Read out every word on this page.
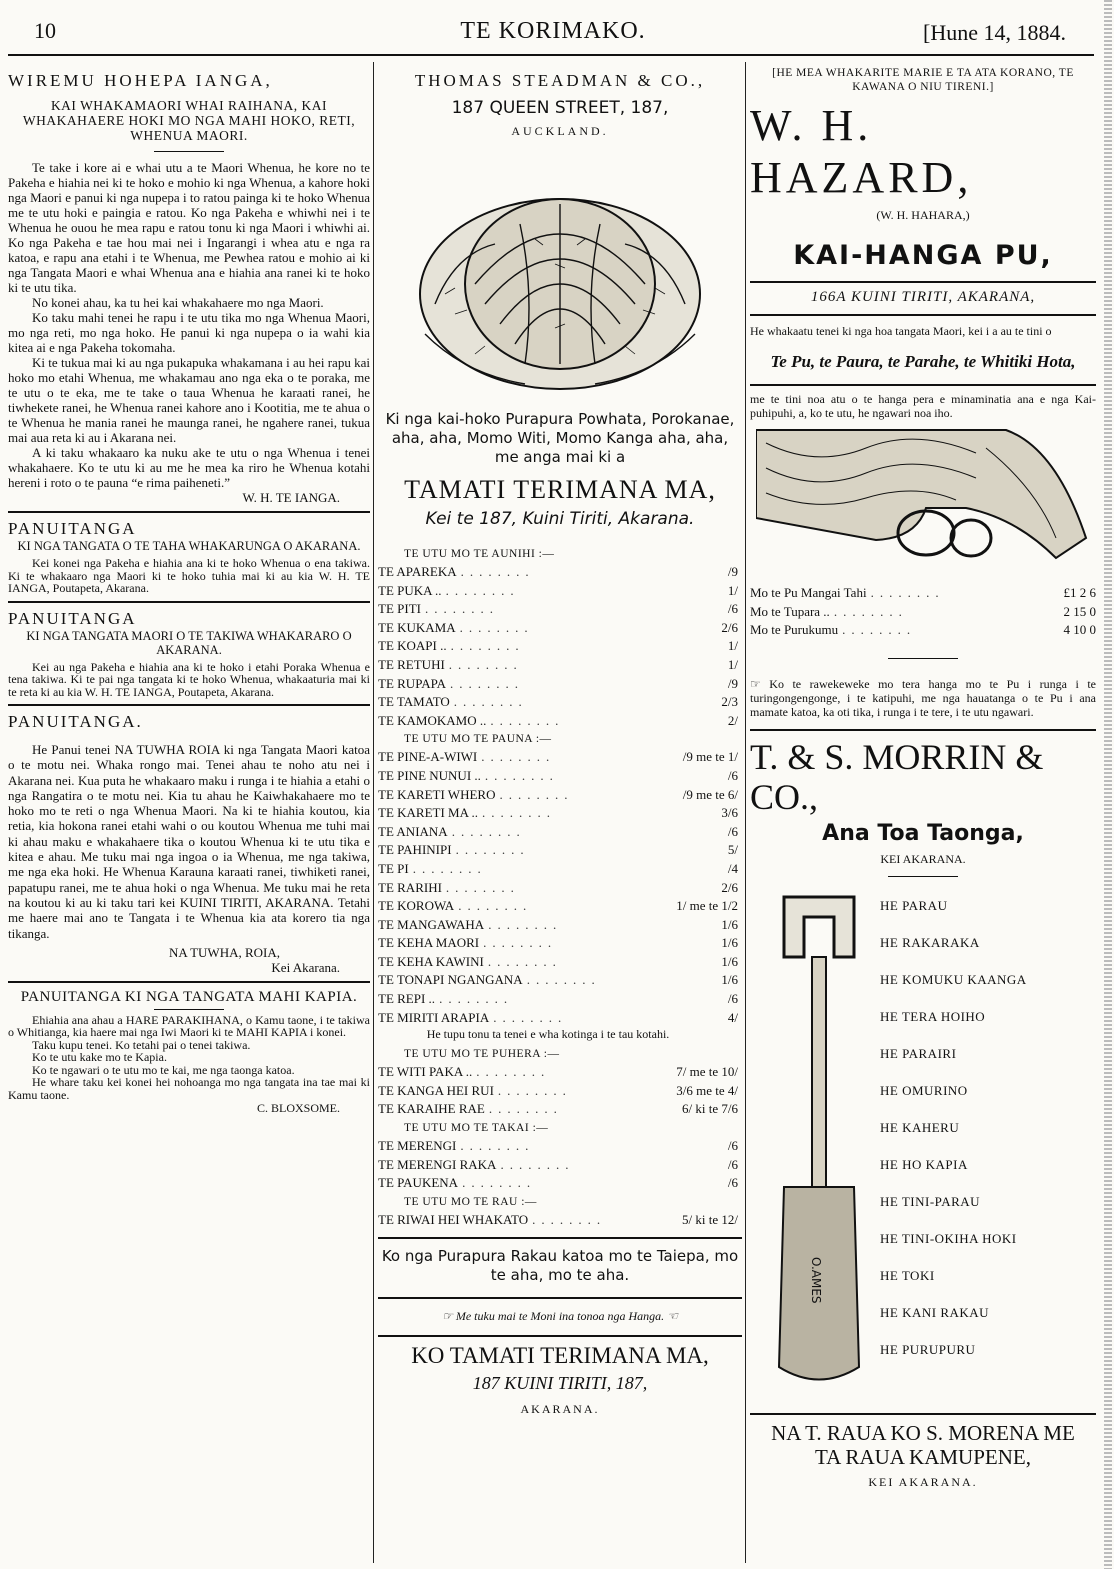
10	TE KORIMAKO.	[Hune 14, 1884.
WIREMU HOHEPA IANGA,

KAI WHAKAMAORI WHAI RAIHANA, KAI WHAKAHAERE HOKI MO NGA MAHI HOKO, RETI, WHENUA MAORI.

Te take i kore ai e whai utu a te Maori Whenua, he kore no te Pakeha e hiahia nei ki te hoko e mohio ki nga Whenua, a kahore hoki nga Maori e panui ki nga nupepa i to ratou painga ki te hoko Whenua me te utu hoki e paingia e ratou. Ko nga Pakeha e whiwhi nei i te Whenua he ouou he mea rapu e ratou tonu ki nga Maori i whiwhi ai. Ko nga Pakeha e tae hou mai nei i Ingarangi i whea atu e nga ra katoa, e rapu ana etahi i te Whenua, me Pewhea ratou e mohio ai ki nga Tangata Maori e whai Whenua ana e hiahia ana ranei ki te hoko ki te utu tika.

No konei ahau, ka tu hei kai whakahaere mo nga Maori.

Ko taku mahi tenei he rapu i te utu tika mo nga Whenua Maori, mo nga reti, mo nga hoko. He panui ki nga nupepa o ia wahi kia kitea ai e nga Pakeha tokomaha.

Ki te tukua mai ki au nga pukapuka whakamana i au hei rapu kai hoko mo etahi Whenua, me whakamau ano nga eka o te poraka, me te utu o te eka, me te take o taua Whenua he karaati ranei, he tiwhekete ranei, he Whenua ranei kahore ano i Kootitia, me te ahua o te Whenua he mania ranei he maunga ranei, he ngahere ranei, tukua mai aua reta ki au i Akarana nei.

A ki taku whakaaro ka nuku ake te utu o nga Whenua i tenei whakahaere. Ko te utu ki au me he mea ka riro he Whenua kotahi hereni i roto o te pauna “e rima paiheneti.”

W. H. TE IANGA.

PANUITANGA

KI NGA TANGATA O TE TAHA WHAKARUNGA O AKARANA.

Kei konei nga Pakeha e hiahia ana ki te hoko Whenua o ena takiwa. Ki te whakaaro nga Maori ki te hoko tuhia mai ki au kia W. H. TE IANGA, Poutapeta, Akarana.

PANUITANGA

KI NGA TANGATA MAORI O TE TAKIWA WHAKARARO O AKARANA.

Kei au nga Pakeha e hiahia ana ki te hoko i etahi Poraka Whenua e tena takiwa. Ki te pai nga tangata ki te hoko Whenua, whakaaturia mai ki te reta ki au kia W. H. TE IANGA, Poutapeta, Akarana.

PANUITANGA.

He Panui tenei NA TUWHA ROIA ki nga Tangata Maori katoa o te motu nei. Whaka rongo mai. Tenei ahau te noho atu nei i Akarana nei. Kua puta he whakaaro maku i runga i te hiahia a etahi o nga Rangatira o te motu nei. Kia tu ahau he Kaiwhakahaere mo te hoko mo te reti o nga Whenua Maori. Na ki te hiahia koutou, kia retia, kia hokona ranei etahi wahi o ou koutou Whenua me tuhi mai ki ahau maku e whakahaere tika o koutou Whenua ki te utu tika e kitea e ahau. Me tuku mai nga ingoa o ia Whenua, me nga takiwa, me nga eka hoki. He Whenua Karauna karaati ranei, tiwhiketi ranei, papatupu ranei, me te ahua hoki o nga Whenua. Me tuku mai he reta na koutou ki au ki taku tari kei KUINI TIRITI, AKARANA. Tetahi me haere mai ano te Tangata i te Whenua kia ata korero tia nga tikanga.

NA TUWHA, ROIA,

Kei Akarana.

PANUITANGA KI NGA TANGATA MAHI KAPIA.

Ehiahia ana ahau a HARE PARAKIHANA, o Kamu taone, i te takiwa o Whitianga, kia haere mai nga Iwi Maori ki te MAHI KAPIA i konei.

Taku kupu tenei. Ko tetahi pai o tenei takiwa.

Ko te utu kake mo te Kapia.

Ko te ngawari o te utu mo te kai, me nga taonga katoa.

He whare taku kei konei hei nohoanga mo nga tangata ina tae mai ki Kamu taone.

C. BLOXSOME.

THOMAS STEADMAN & CO.,

187 QUEEN STREET, 187,

AUCKLAND.

Ki nga kai-hoko Purapura Powhata, Porokanae, aha, aha, Momo Witi, Momo Kanga aha, aha, me anga mai ki a

TAMATI TERIMANA MA,

Kei te 187, Kuini Tiriti, Akarana.

TE UTU MO TE AUNIHI :—
TE APAREKA ........	/9
TE PUKA .. ........	1/
TE PITI ........	/6
TE KUKAMA ........	2/6
TE KOAPI .. ........	1/
TE RETUHI ........	1/
TE RUPAPA ........	/9
TE TAMATO ........	2/3
TE KAMOKAMO .. ........	2/
TE UTU MO TE PAUNA :—
TE PINE-A-WIWI ........	/9 me te 1/
TE PINE NUNUI .. ........	/6
TE KARETI WHERO ........	/9 me te 6/
TE KARETI MA .. ........	3/6
TE ANIANA ........	/6
TE PAHINIPI ........	5/
TE PI ........	/4
TE RARIHI ........	2/6
TE KOROWA ........	1/ me te 1/2
TE MANGAWAHA ........	1/6
TE KEHA MAORI ........	1/6
TE KEHA KAWINI ........	1/6
TE TONAPI NGANGANA ........	1/6
TE REPI .. ........	/6
TE MIRITI ARAPIA ........	4/

He tupu tonu ta tenei e wha kotinga i te tau kotahi.

TE UTU MO TE PUHERA :—
TE WITI PAKA .. ........	7/ me te 10/
TE KANGA HEI RUI ........	3/6 me te 4/
TE KARAIHE RAE ........	6/ ki te 7/6
TE UTU MO TE TAKAI :—
TE MERENGI ........	/6
TE MERENGI RAKA ........	/6
TE PAUKENA ........	/6
TE UTU MO TE RAU :—
TE RIWAI HEI WHAKATO ........	5/ ki te 12/

Ko nga Purapura Rakau katoa mo te Taiepa, mo te aha, mo te aha.

☞ Me tuku mai te Moni ina tonoa nga Hanga. ☜

KO TAMATI TERIMANA MA,

187 KUINI TIRITI, 187,

AKARANA.

[HE MEA WHAKARITE MARIE E TA ATA KORANO, TE KAWANA O NIU TIRENI.]

W. H. HAZARD,

(W. H. HAHARA,)

KAI-HANGA PU,

166A KUINI TIRITI, AKARANA,

He whakaatu tenei ki nga hoa tangata Maori, kei i a au te tini o

Te Pu, te Paura, te Parahe, te Whitiki Hota,

me te tini noa atu o te hanga pera e minaminatia ana e nga Kai-puhipuhi, a, ko te utu, he ngawari noa iho.

Mo te Pu Mangai Tahi ........	£1 2 6
Mo te Tupara .. ........	2 15 0
Mo te Purukumu ........	4 10 0

☞ Ko te rawekeweke mo tera hanga mo te Pu i runga i te turingongengonge, i te katipuhi, me nga hauatanga o te Pu i ana mamate katoa, ka oti tika, i runga i te tere, i te utu ngawari.

T. & S. MORRIN & CO.,

Ana Toa Taonga,

KEI AKARANA.

O.AMES
HE PARAU
HE RAKARAKA
HE KOMUKU KAANGA
HE TERA HOIHO
HE PARAIRI
HE OMURINO
HE KAHERU
HE HO KAPIA
HE TINI-PARAU
HE TINI-OKIHA HOKI
HE TOKI
HE KANI RAKAU
HE PURUPURU

NA T. RAUA KO S. MORENA ME

TA RAUA KAMUPENE,

KEI AKARANA.
